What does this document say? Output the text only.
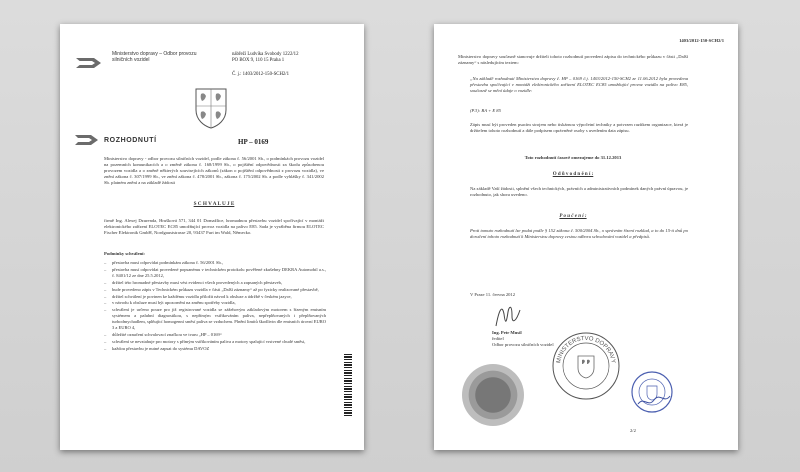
Ministerstvo dopravy – Odbor provozu silničních vozidel
nábřeží Ludvíka Svobody 1222/12
PO BOX 9, 110 15 Praha 1
Č. j.: 1403/2012-150-SCH2/1
ROZHODNUTÍ	HP – 0169
Ministerstvo dopravy - odbor provozu silničních vozidel, podle zákona č. 56/2001 Sb., o podmínkách provozu vozidel na pozemních komunikacích a o změně zákona č. 168/1999 Sb., o pojištění odpovědnosti za škodu způsobenou provozem vozidla a o změně některých souvisejících zákonů (zákon o pojištění odpovědnosti z provozu vozidla), ve znění zákona č. 307/1999 Sb., ve znění zákona č. 478/2001 Sb., zákona č. 175/2002 Sb. a podle vyhlášky č. 341/2002 Sb. platném znění a na základě žádosti
S C H V A L U J E
firmě Ing. Alexej Dzurenda, Hrušková 571, 344 01 Domažlice, hromadnou přestavbu vozidel spočívající v montáži elektronického zařízení ELOTEC EC85 umožňující provoz vozidla na palivo E85. Sada je vyráběna firmou ELOTEC Fischer Elektronik GmbH, Nordgauststrasse 20, 93437 Furt im Wald, Německo.
Podmínky schválení:
– přestavba musí odpovídat podmínkám zákona č. 56/2001 Sb.,
– přestavba musí odpovídat provedené popsanému v technickém protokolu pověřené zkušebny DEKRA Automobil a.s., č. 8401/12 ze dne 25.5.2012,
– držitel této hromadné přestavby musí vést evidenci všech provedených a zapsaných přestaveb,
– bude provedeno zápis v Technickém průkazu vozidla v části „Další záznamy“ až po fyzicky realizované přestavbě,
– držitel schválení je povinen ke každému vozidlu přiložit návod k obsluze a údržbě v českém jazyce,
– v návodu k obsluze musí být upozornění na změnu spotřeby vozidla,
– schválení je určeno pouze pro již registrované vozidla se zážehovým základovým motorem s řízeným emisním systémem a palubní diagnostikou, s nepřímým vstřikováním paliva, nepřeplňovaných i přeplňovaných turbodmychadlem, splňující homogenní směsí paliva se vzduchem. Plnění limitů škodlivin dle emisních úrovní EURO 3 a EURO 4,
– důležité označení schvalovací značkou ve tvaru „HP – 0169“
– schválení se nevztahuje pro motory s přímým vstřikováním paliva a motory spalující vrstvené chudé směsi,
– každou přestavbu je nutné zapsat do systému DAVOZ
1403/2012-150-SCH2/1
Ministerstvo dopravy současně stanovuje držiteli tohoto rozhodnutí provedení zápisu do technického průkazu v části „Další záznamy“ s následujícím textem:
„Na základě rozhodnutí Ministerstva dopravy č. HP – 0169 č.j. 1403/2012-150-SCH2 ze 11.06.2012 byla provedena přestavba spočívající v montáži elektronického zařízení ELOTEC EC85 umožňující provoz vozidla na palivo E85, současně se mění údaje o vozidle:
(P.3): BA + E 85
Zápis musí být proveden psacím strojem nebo tiskárnou výpočetní techniky a potvrzen razítkem organizace, která je držitelem tohoto rozhodnutí a dále podpisem oprávněné osoby s uvedením data zápisu.
Toto rozhodnutí časově omezujeme do 31.12.2013
O d ů v o d n ě n í :
Na základě Vaší žádosti, splnění všech technických, právních a administrativních podmínek daných právní úpravou, je rozhodnuto, jak shora uvedeno.
P o u č e n í :
Proti tomuto rozhodnutí lze podat podle § 152 zákona č. 500/2004 Sb., o správním řízení rozklad, a to do 15-ti dnů po doručení tohoto rozhodnutí k Ministerstvu dopravy cestou odboru schvalování vozidel a předpisů.
V Praze 11. června 2012
Ing. Petr Musil
ředitel
Odbor provozu silničních vozidel
MINISTERSTVO DOPRAVY
2/2
